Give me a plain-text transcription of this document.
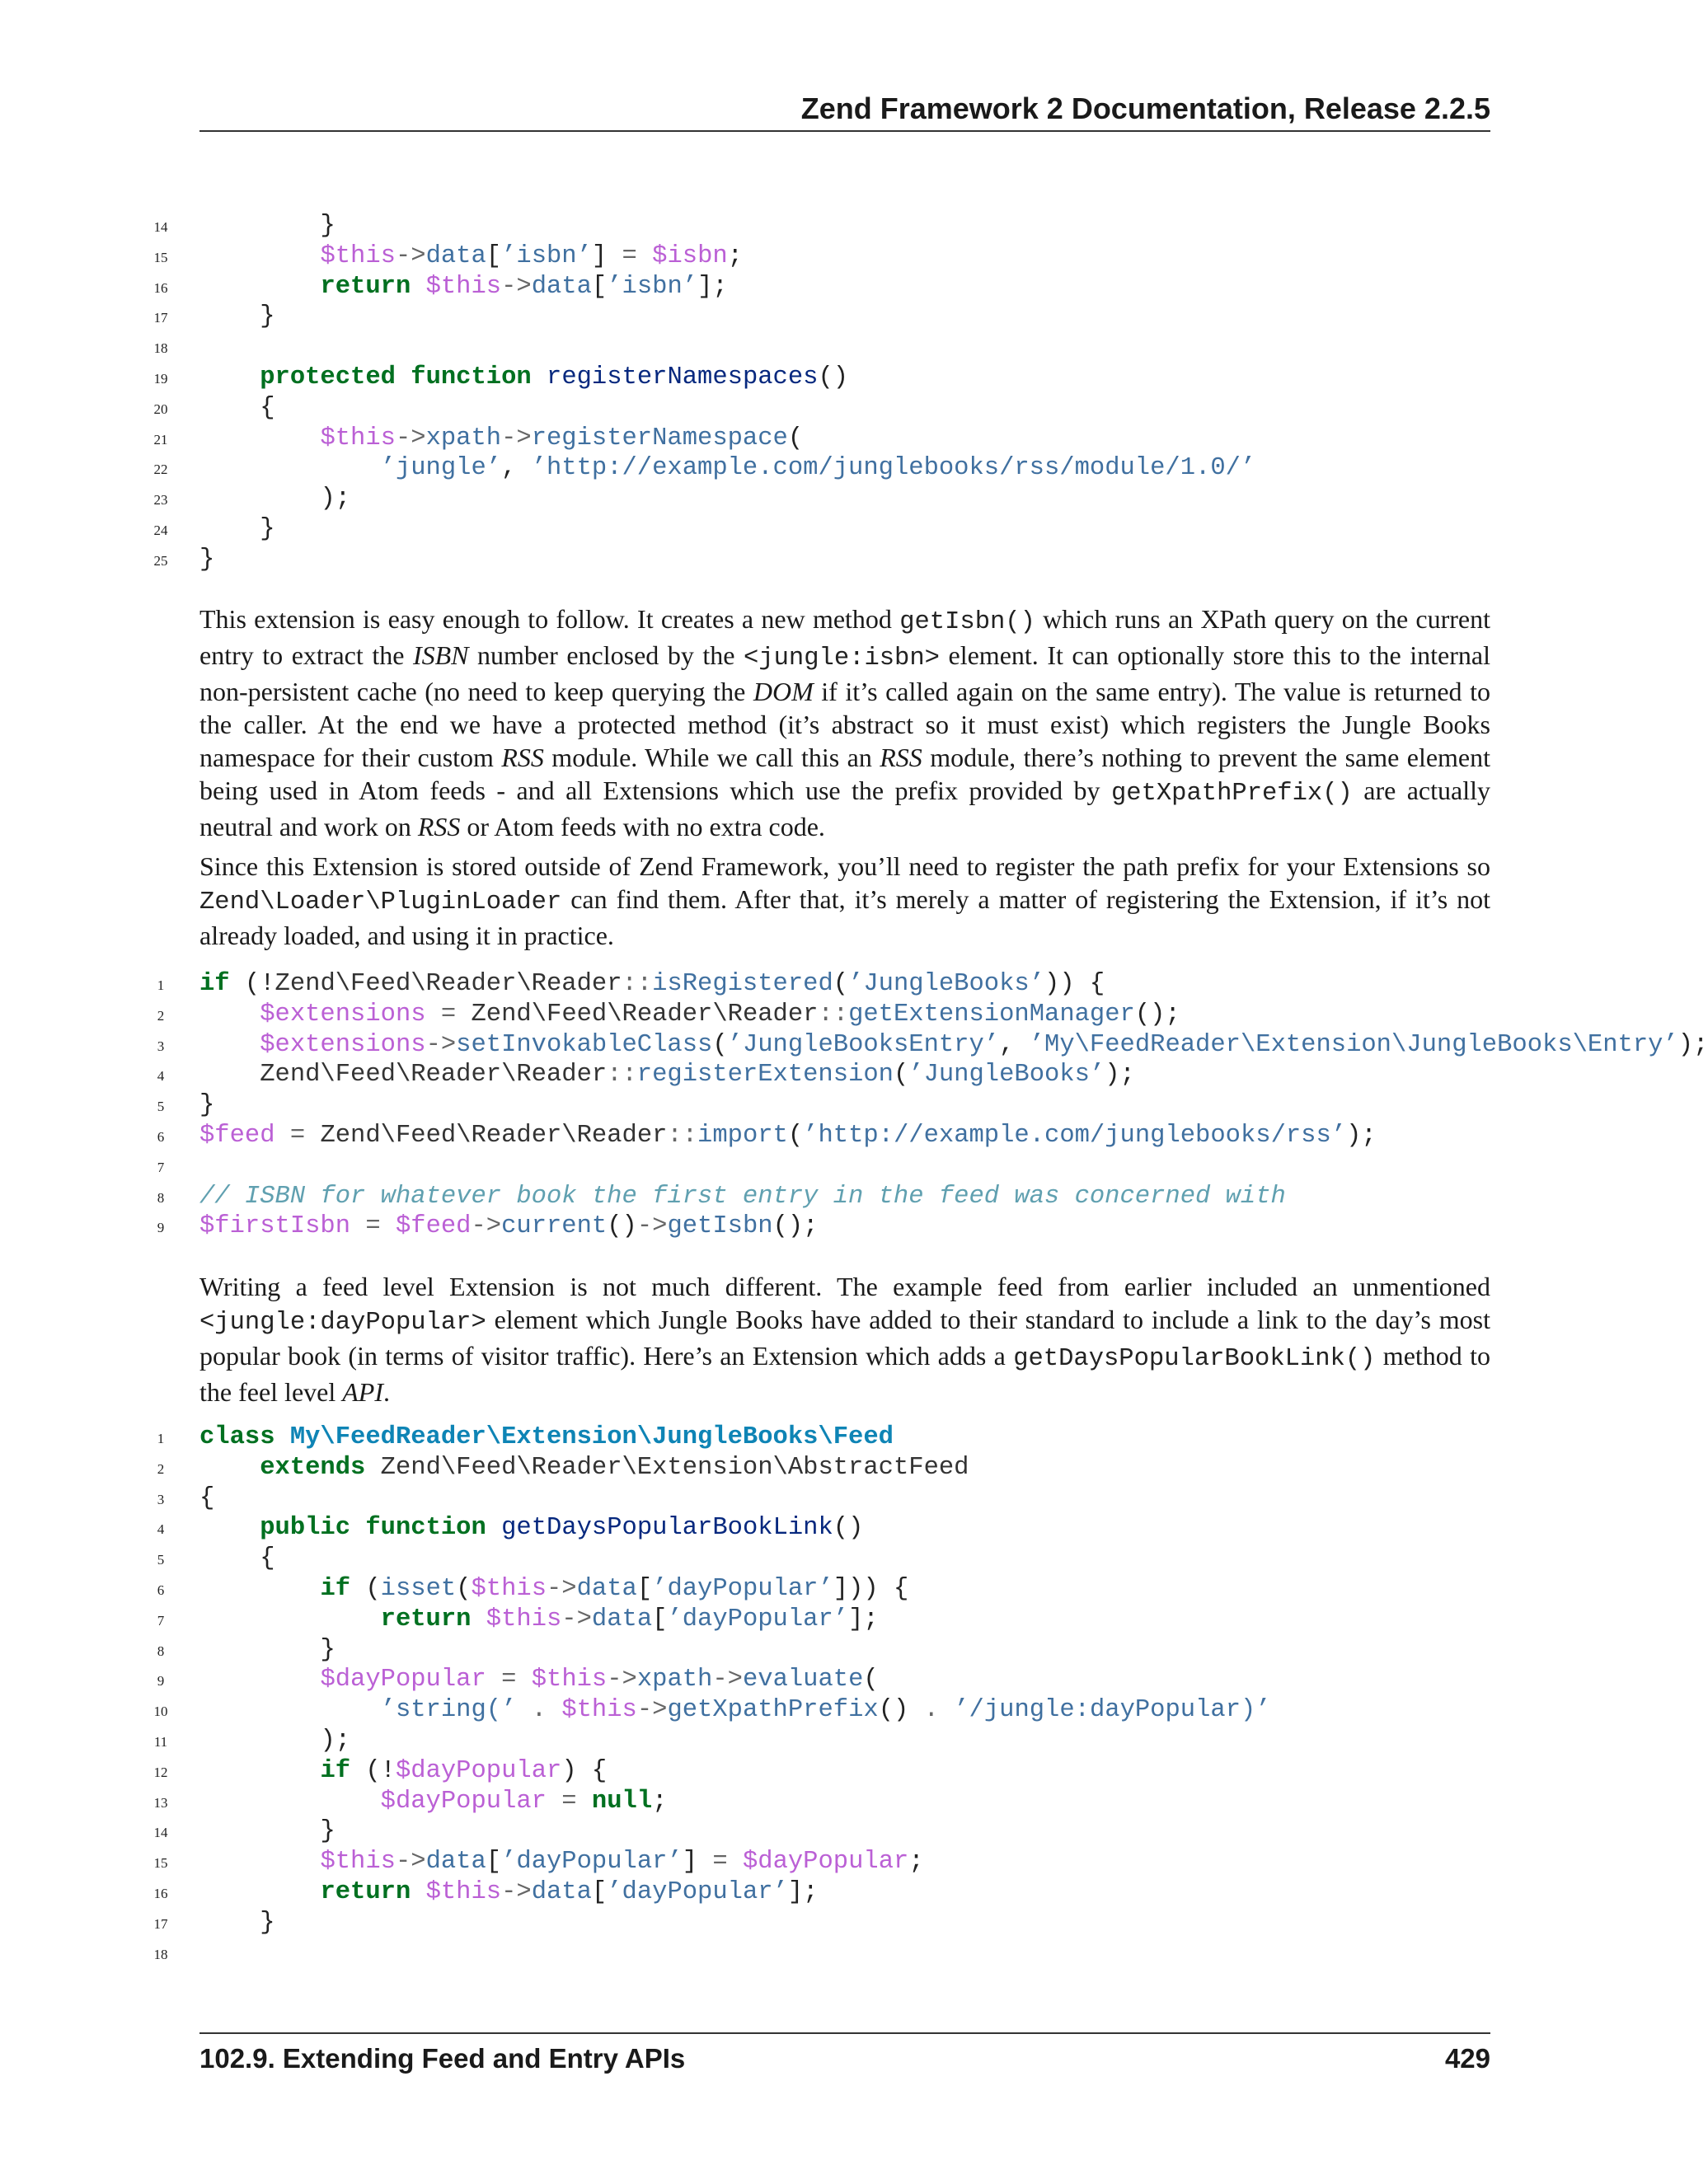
Zend Framework 2 Documentation, Release 2.2.5
14	}
15	$this->data[’isbn’] = $isbn;
16	return $this->data[’isbn’];
17	}
18
19	protected function registerNamespaces()
20	{
21	$this->xpath->registerNamespace(
22	’jungle’, ’http://example.com/junglebooks/rss/module/1.0/’
23	);
24	}
25 }

This extension is easy enough to follow. It creates a new method getIsbn() which runs an XPath query on the current entry to extract the ISBN number enclosed by the <jungle:isbn> element. It can optionally store this to the internal non-persistent cache (no need to keep querying the DOM if it’s called again on the same entry). The value is returned to the caller. At the end we have a protected method (it’s abstract so it must exist) which registers the Jungle Books namespace for their custom RSS module. While we call this an RSS module, there’s nothing to prevent the same element being used in Atom feeds - and all Extensions which use the prefix provided by getXpathPrefix() are actually neutral and work on RSS or Atom feeds with no extra code.

Since this Extension is stored outside of Zend Framework, you’ll need to register the path prefix for your Extensions so Zend\Loader\PluginLoader can find them. After that, it’s merely a matter of registering the Extension, if it’s not already loaded, and using it in practice.

1	if (!Zend\Feed\Reader\Reader::isRegistered(’JungleBooks’)) {
2	$extensions = Zend\Feed\Reader\Reader::getExtensionManager();
3	$extensions->setInvokableClass(’JungleBooksEntry’, ’My\FeedReader\Extension\JungleBooks\Entry’);
4	Zend\Feed\Reader\Reader::registerExtension(’JungleBooks’);
5	}
6	$feed = Zend\Feed\Reader\Reader::import(’http://example.com/junglebooks/rss’);
7
8	// ISBN for whatever book the first entry in the feed was concerned with
9	$firstIsbn = $feed->current()->getIsbn();

Writing a feed level Extension is not much different. The example feed from earlier included an unmentioned <jungle:dayPopular> element which Jungle Books have added to their standard to include a link to the day’s most popular book (in terms of visitor traffic). Here’s an Extension which adds a getDaysPopularBookLink() method to the feel level API.

1	class My\FeedReader\Extension\JungleBooks\Feed
2	extends Zend\Feed\Reader\Extension\AbstractFeed
3	{
4	public function getDaysPopularBookLink()
5	{
6	if (isset($this->data[’dayPopular’])) {
7	return $this->data[’dayPopular’];
8	}
9	$dayPopular = $this->xpath->evaluate(
10	’string(’ . $this->getXpathPrefix() . ’/jungle:dayPopular)’
11	);
12	if (!$dayPopular) {
13	$dayPopular = null;
14	}
15	$this->data[’dayPopular’] = $dayPopular;
16	return $this->data[’dayPopular’];
17	}
18
102.9. Extending Feed and Entry APIs	429
